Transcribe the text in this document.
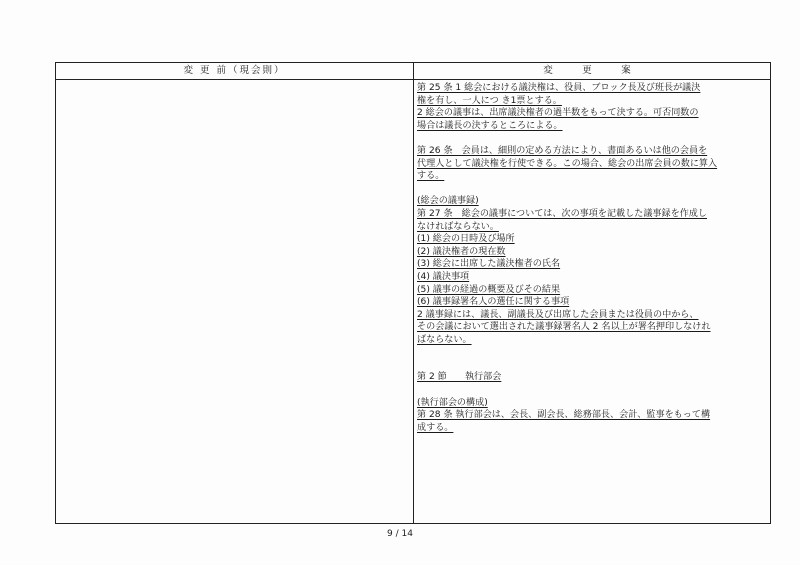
変 更 前（現会則）	変　更　案
第 25 条 1 総会における議決権は、役員、ブロック長及び班長が議決
権を有し、一人につ き1票とする。
2 総会の議事は、出席議決権者の過半数をもって決する。可否同数の
場合は議長の決するところによる。
第 26 条　会員は、細則の定める方法により、書面あるいは他の会員を
代理人として議決権を行使できる。この場合、総会の出席会員の数に算入
する。
(総会の議事録)
第 27 条　総会の議事については、次の事項を記載した議事録を作成し
なければならない。
(1) 総会の日時及び場所
(2) 議決権者の現在数
(3) 総会に出席した議決権者の氏名
(4) 議決事項
(5) 議事の経過の概要及びその結果
(6) 議事録署名人の選任に関する事項
2 議事録には、議長、副議長及び出席した会員または役員の中から、
その会議において選出された議事録署名人 2 名以上が署名押印しなけれ
ばならない。
第 2 節　　執行部会
(執行部会の構成)
第 28 条 執行部会は、会長、副会長、総務部長、会計、監事をもって構
成する。
9 / 14
